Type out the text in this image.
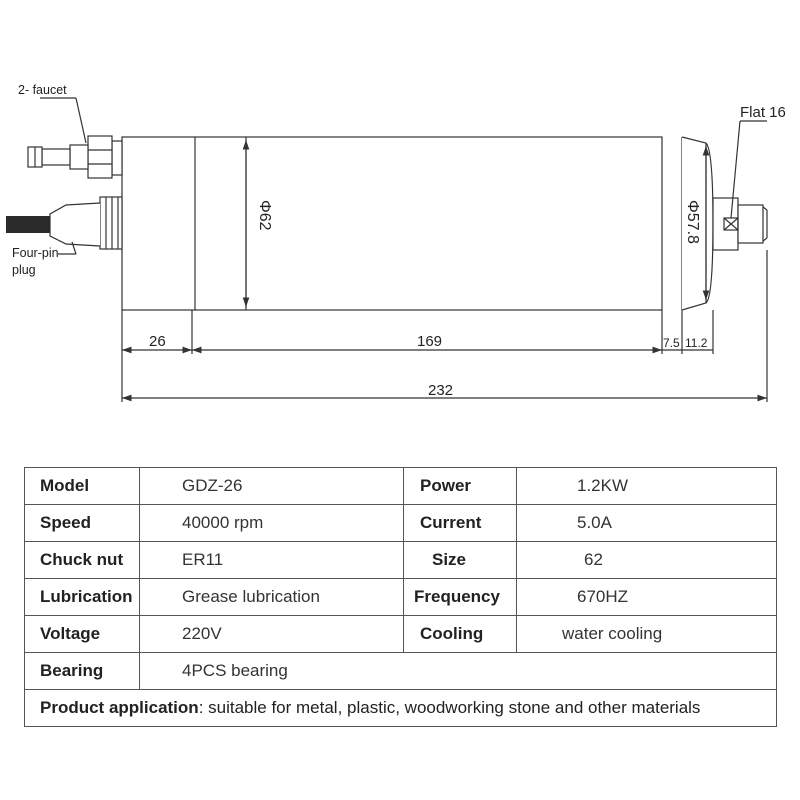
2- faucet
Four-pin
plug
Flat 16
Φ62	Φ57.8
26	169	7.5 11.2
232
Model	GDZ-26	Power	1.2KW
Speed	40000 rpm	Current	5.0A
Chuck nut	ER11	Size	62
Lubrication	Grease lubrication	Frequency	670HZ
Voltage	220V	Cooling	water cooling
Bearing	4PCS bearing		
Product application: suitable for metal, plastic, woodworking stone and other materials			
